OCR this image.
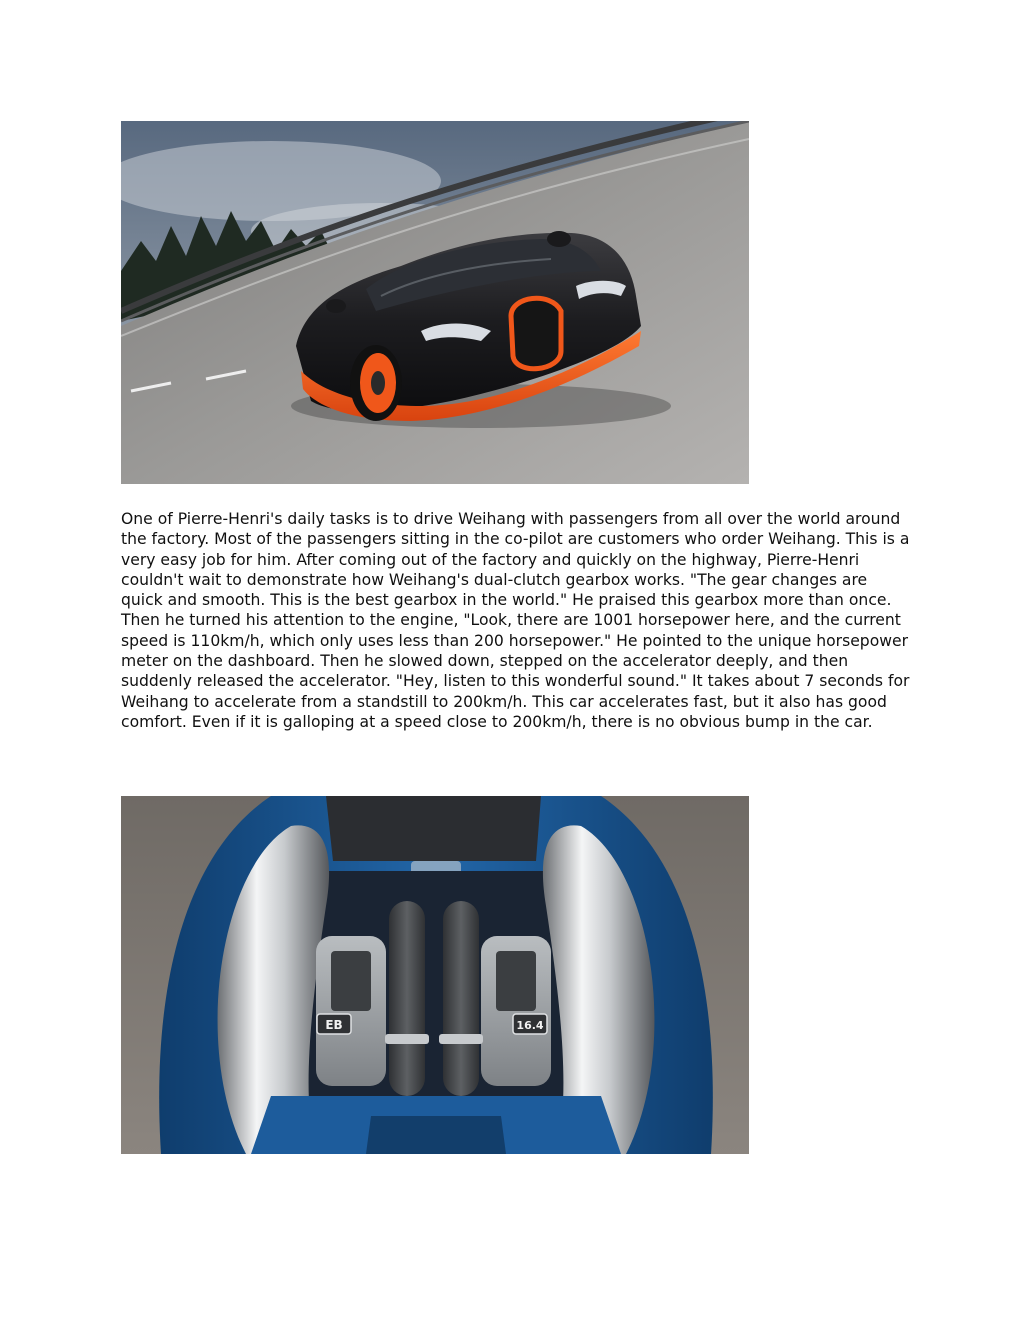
One of Pierre-Henri's daily tasks is to drive Weihang with passengers from all over the world around the factory. Most of the passengers sitting in the co-pilot are customers who order Weihang. This is a very easy job for him. After coming out of the factory and quickly on the highway, Pierre-Henri couldn't wait to demonstrate how Weihang's dual-clutch gearbox works. "The gear changes are quick and smooth. This is the best gearbox in the world." He praised this gearbox more than once.

Then he turned his attention to the engine, "Look, there are 1001 horsepower here, and the current speed is 110km/h, which only uses less than 200 horsepower." He pointed to the unique horsepower meter on the dashboard. Then he slowed down, stepped on the accelerator deeply, and then suddenly released the accelerator. "Hey, listen to this wonderful sound." It takes about 7 seconds for Weihang to accelerate from a standstill to 200km/h. This car accelerates fast, but it also has good comfort. Even if it is galloping at a speed close to 200km/h, there is no obvious bump in the car.

EB	16.4
